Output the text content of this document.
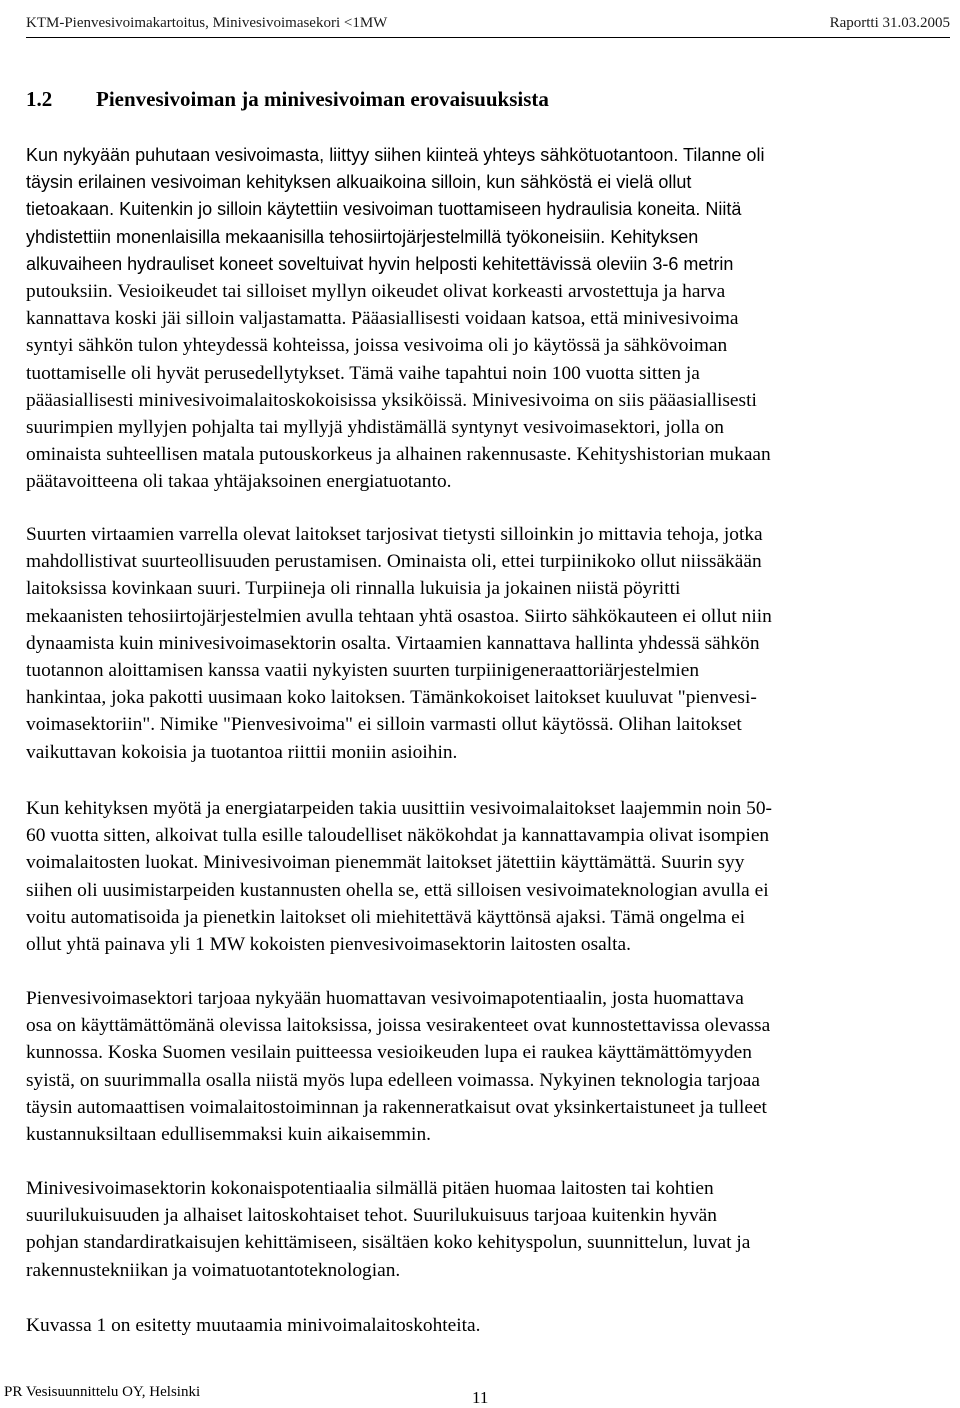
KTM-Pienvesivoimakartoitus, Minivesivoimasekori <1MW	Raportti 31.03.2005
1.2 Pienvesivoiman ja minivesivoiman erovaisuuksista

Kun nykyään puhutaan vesivoimasta, liittyy siihen kiinteä yhteys sähkötuotantoon. Tilanne oli
täysin erilainen vesivoiman kehityksen alkuaikoina silloin, kun sähköstä ei vielä ollut
tietoakaan. Kuitenkin jo silloin käytettiin vesivoiman tuottamiseen hydraulisia koneita. Niitä
yhdistettiin monenlaisilla mekaanisilla tehosiirtojärjestelmillä työkoneisiin. Kehityksen
alkuvaiheen hydrauliset koneet soveltuivat hyvin helposti kehitettävissä oleviin 3-6 metrin
putouksiin. Vesioikeudet tai silloiset myllyn oikeudet olivat korkeasti arvostettuja ja harva
kannattava koski jäi silloin valjastamatta. Pääasiallisesti voidaan katsoa, että minivesivoima
syntyi sähkön tulon yhteydessä kohteissa, joissa vesivoima oli jo käytössä ja sähkövoiman
tuottamiselle oli hyvät perusedellytykset. Tämä vaihe tapahtui noin 100 vuotta sitten ja
pääasiallisesti minivesivoimalaitoskokoisissa yksiköissä. Minivesivoima on siis pääasiallisesti
suurimpien myllyjen pohjalta tai myllyjä yhdistämällä syntynyt vesivoimasektori, jolla on
ominaista suhteellisen matala putouskorkeus ja alhainen rakennusaste. Kehityshistorian mukaan
päätavoitteena oli takaa yhtäjaksoinen energiatuotanto.

Suurten virtaamien varrella olevat laitokset tarjosivat tietysti silloinkin jo mittavia tehoja, jotka
mahdollistivat suurteollisuuden perustamisen. Ominaista oli, ettei turpiinikoko ollut niissäkään
laitoksissa kovinkaan suuri. Turpiineja oli rinnalla lukuisia ja jokainen niistä pöyritti
mekaanisten tehosiirtojärjestelmien avulla tehtaan yhtä osastoa. Siirto sähkökauteen ei ollut niin
dynaamista kuin minivesivoimasektorin osalta. Virtaamien kannattava hallinta yhdessä sähkön
tuotannon aloittamisen kanssa vaatii nykyisten suurten turpiinigeneraattoriärjestelmien
hankintaa, joka pakotti uusimaan koko laitoksen. Tämänkokoiset laitokset kuuluvat "pienvesi-
voimasektoriin". Nimike "Pienvesivoima" ei silloin varmasti ollut käytössä. Olihan laitokset
vaikuttavan kokoisia ja tuotantoa riittii moniin asioihin.

Kun kehityksen myötä ja energiatarpeiden takia uusittiin vesivoimalaitokset laajemmin noin 50-
60 vuotta sitten, alkoivat tulla esille taloudelliset näkökohdat ja kannattavampia olivat isompien
voimalaitosten luokat. Minivesivoiman pienemmät laitokset jätettiin käyttämättä. Suurin syy
siihen oli uusimistarpeiden kustannusten ohella se, että silloisen vesivoimateknologian avulla ei
voitu automatisoida ja pienetkin laitokset oli miehitettävä käyttönsä ajaksi. Tämä ongelma ei
ollut yhtä painava yli 1 MW kokoisten pienvesivoimasektorin laitosten osalta.

Pienvesivoimasektori tarjoaa nykyään huomattavan vesivoimapotentiaalin, josta huomattava
osa on käyttämättömänä olevissa laitoksissa, joissa vesirakenteet ovat kunnostettavissa olevassa
kunnossa. Koska Suomen vesilain puitteessa vesioikeuden lupa ei raukea käyttämättömyyden
syistä, on suurimmalla osalla niistä myös lupa edelleen voimassa. Nykyinen teknologia tarjoaa
täysin automaattisen voimalaitostoiminnan ja rakenneratkaisut ovat yksinkertaistuneet ja tulleet
kustannuksiltaan edullisemmaksi kuin aikaisemmin.

Minivesivoimasektorin kokonaispotentiaalia silmällä pitäen huomaa laitosten tai kohtien
suurilukuisuuden ja alhaiset laitoskohtaiset tehot. Suurilukuisuus tarjoaa kuitenkin hyvän
pohjan standardiratkaisujen kehittämiseen, sisältäen koko kehityspolun, suunnittelun, luvat ja
rakennustekniikan ja voimatuotantoteknologian.

Kuvassa 1 on esitetty muutaamia minivoimalaitoskohteita.

PR Vesisuunnittelu OY, Helsinki	11
